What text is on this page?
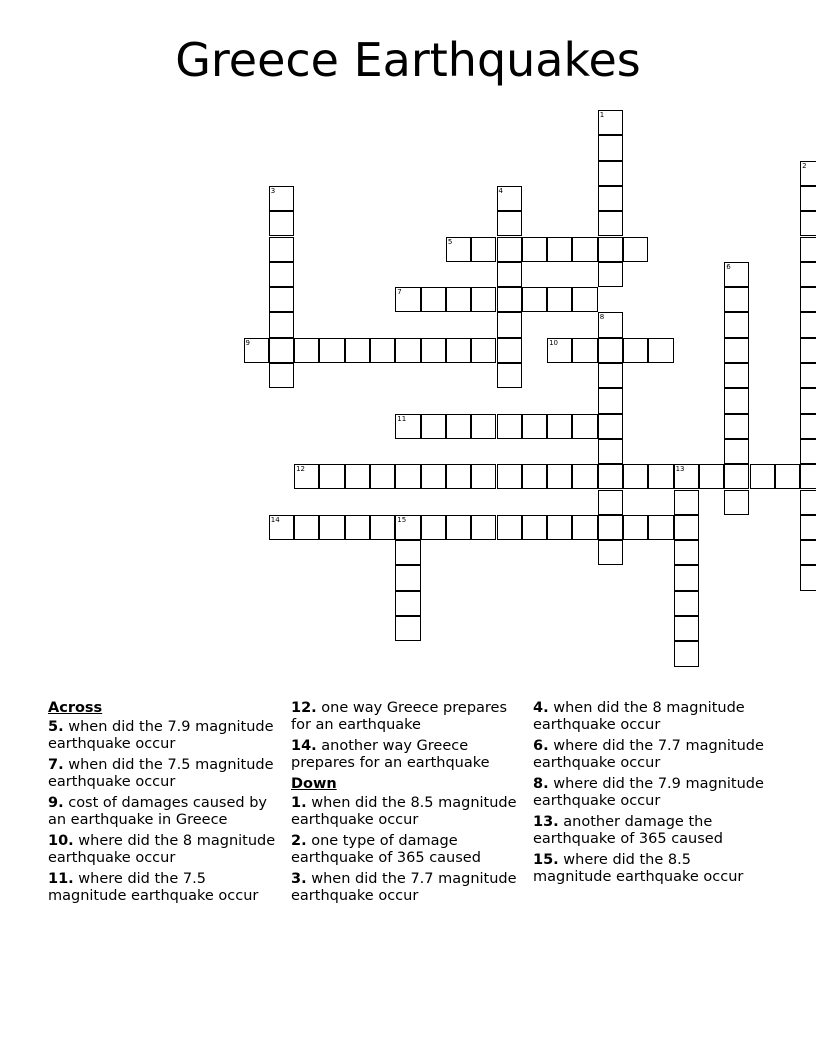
Greece Earthquakes
1
2
3	4
5
6
7
8
9	10
11
12	13
14	15
Across
5. when did the 7.9 magnitude earthquake occur
7. when did the 7.5 magnitude earthquake occur
9. cost of damages caused by an earthquake in Greece
10. where did the 8 magnitude earthquake occur
11. where did the 7.5 magnitude earthquake occur
12. one way Greece prepares for an earthquake
14. another way Greece prepares for an earthquake
Down
1. when did the 8.5 magnitude earthquake occur
2. one type of damage earthquake of 365 caused
3. when did the 7.7 magnitude earthquake occur
4. when did the 8 magnitude earthquake occur
6. where did the 7.7 magnitude earthquake occur
8. where did the 7.9 magnitude earthquake occur
13. another damage the earthquake of 365 caused
15. where did the 8.5 magnitude earthquake occur
